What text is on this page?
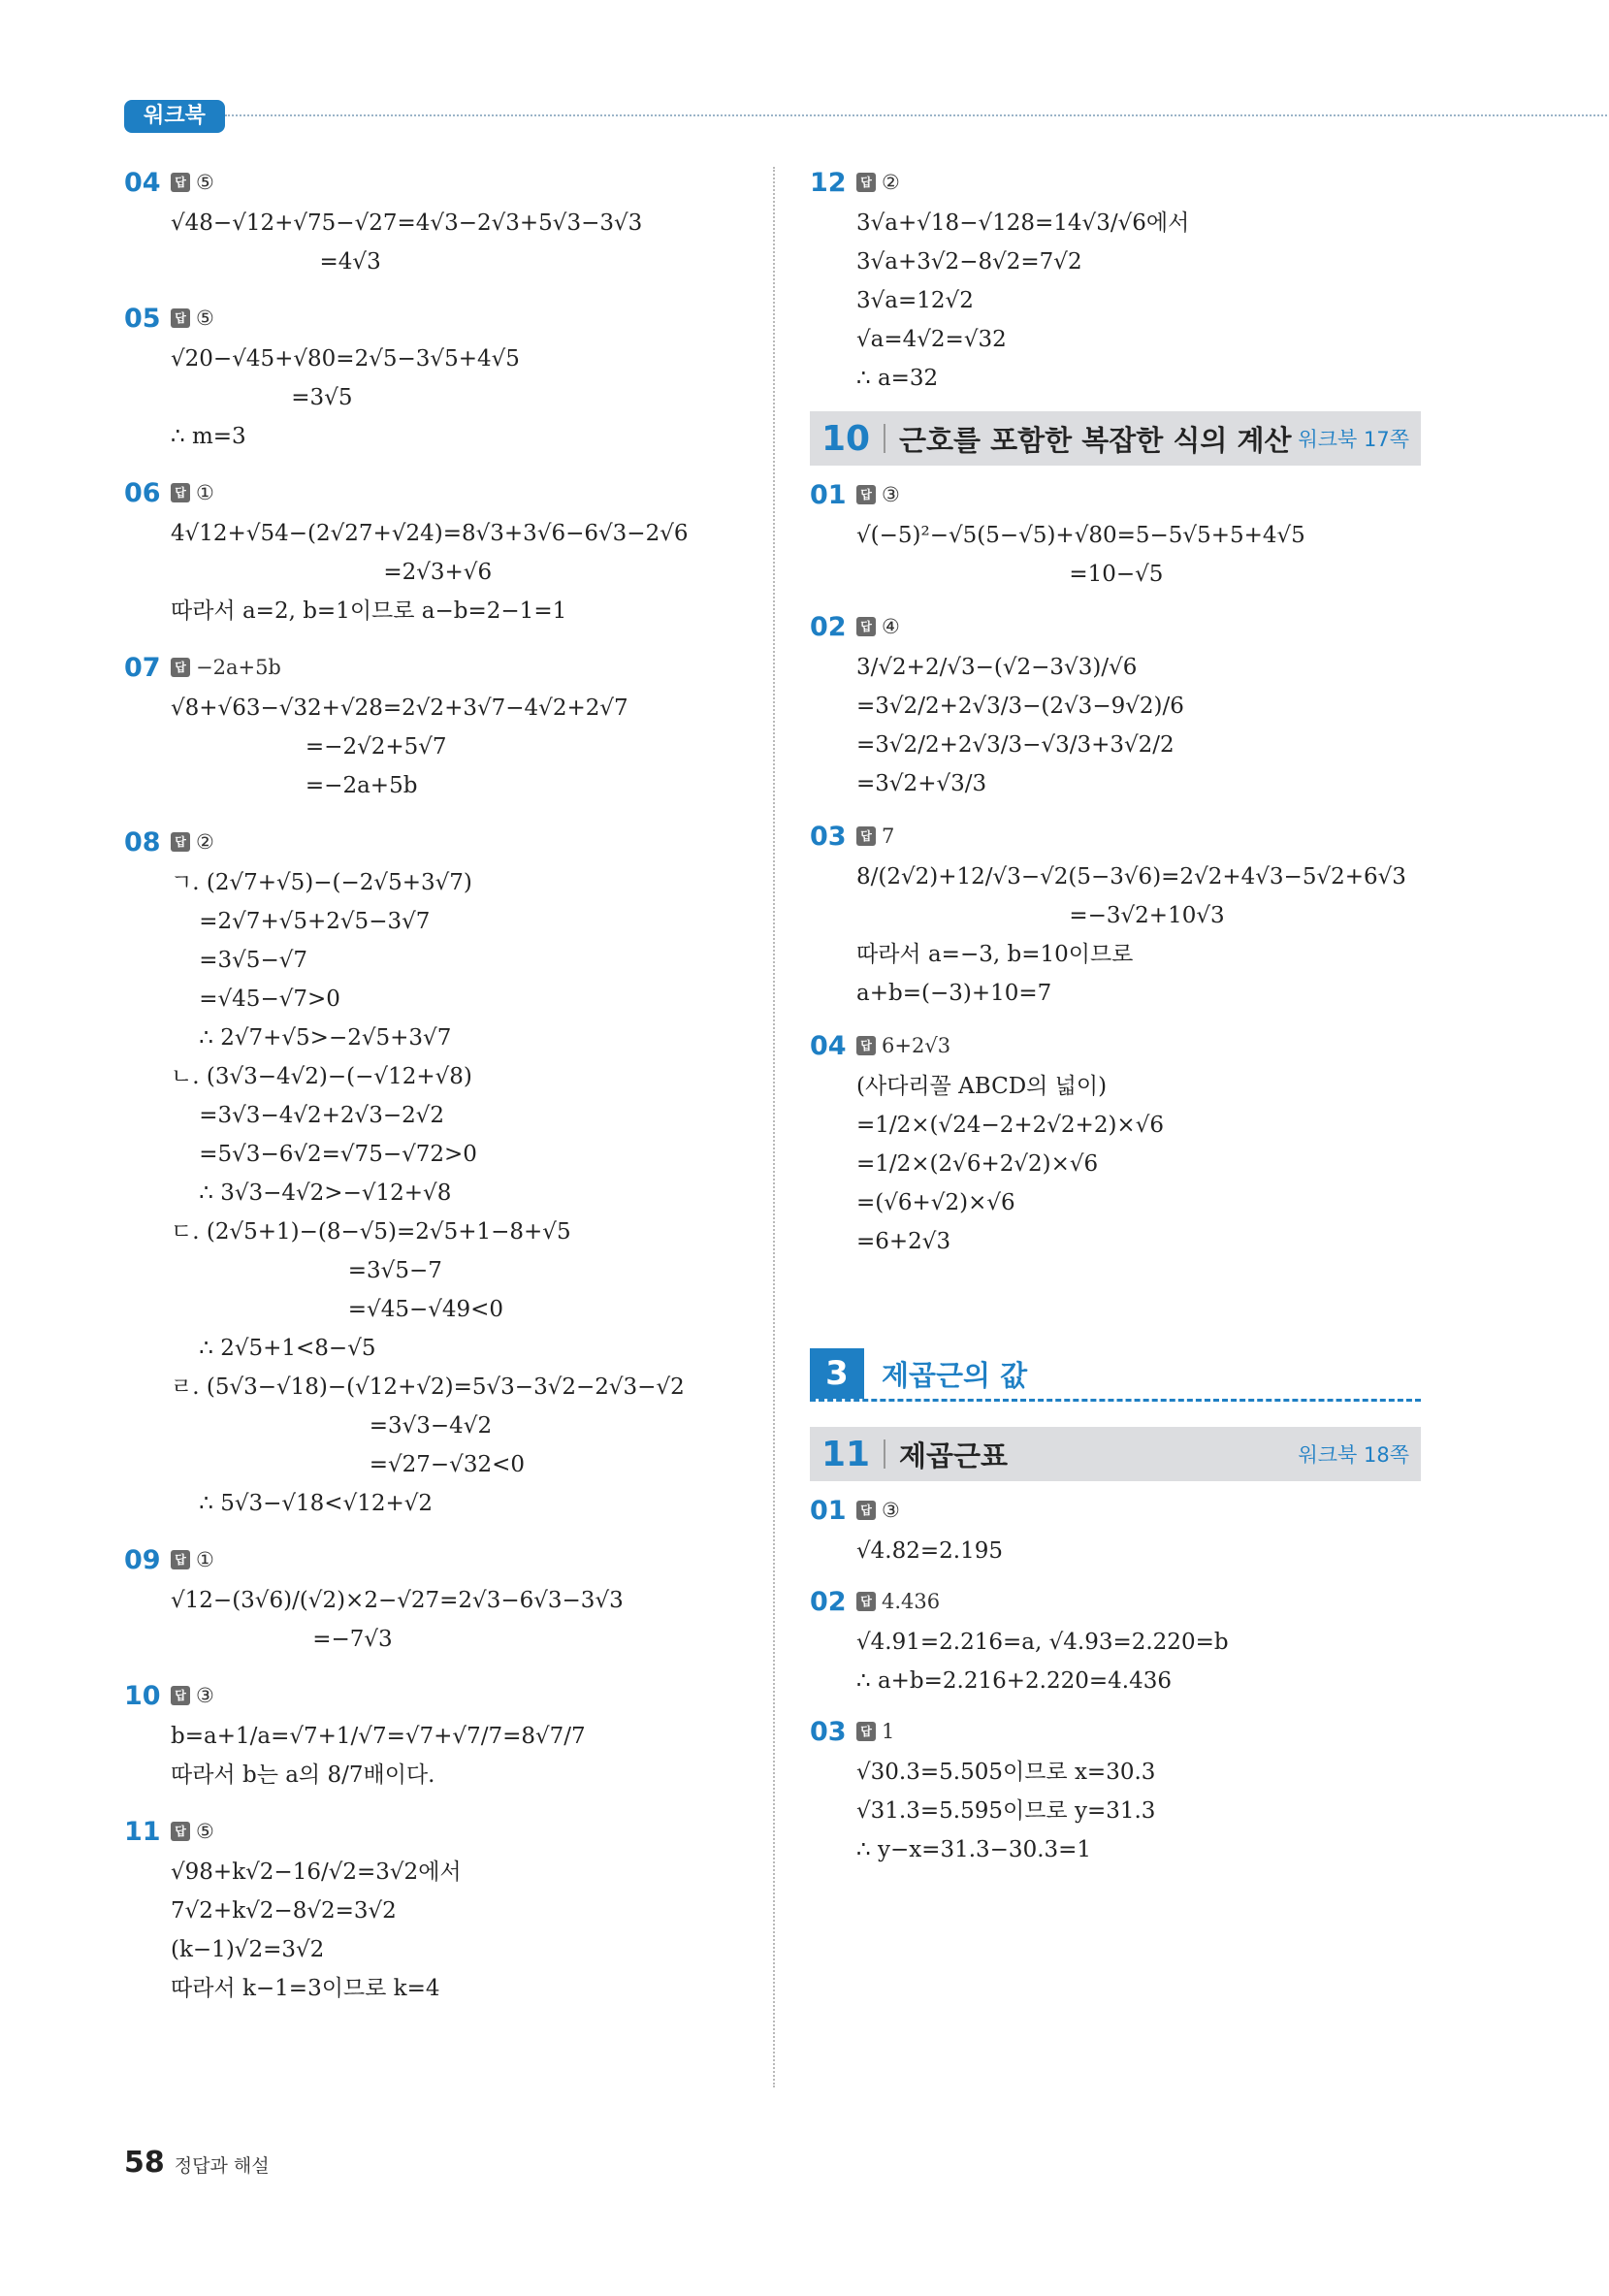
워크북
04	답 ⑤
√48−√12+√75−√27=4√3−2√3+5√3−3√3
=4√3
05	답 ⑤
√20−√45+√80=2√5−3√5+4√5
=3√5
∴ m=3
06	답 ①
4√12+√54−(2√27+√24)=8√3+3√6−6√3−2√6
=2√3+√6
따라서 a=2, b=1이므로 a−b=2−1=1
07	답 −2a+5b
√8+√63−√32+√28=2√2+3√7−4√2+2√7
=−2√2+5√7
=−2a+5b
08	답 ②
ㄱ. (2√7+√5)−(−2√5+3√7)
=2√7+√5+2√5−3√7
=3√5−√7
=√45−√7>0
∴ 2√7+√5>−2√5+3√7
ㄴ. (3√3−4√2)−(−√12+√8)
=3√3−4√2+2√3−2√2
=5√3−6√2=√75−√72>0
∴ 3√3−4√2>−√12+√8
ㄷ. (2√5+1)−(8−√5)=2√5+1−8+√5
=3√5−7
=√45−√49<0
∴ 2√5+1<8−√5
ㄹ. (5√3−√18)−(√12+√2)=5√3−3√2−2√3−√2
=3√3−4√2
=√27−√32<0
∴ 5√3−√18<√12+√2
09	답 ①
√12−(3√6)/(√2)×2−√27=2√3−6√3−3√3
=−7√3
10	답 ③
b=a+1/a=√7+1/√7=√7+√7/7=8√7/7
따라서 b는 a의 8/7배이다.
11	답 ⑤
√98+k√2−16/√2=3√2에서
7√2+k√2−8√2=3√2
(k−1)√2=3√2
따라서 k−1=3이므로 k=4
12	답 ②
3√a+√18−√128=14√3/√6에서
3√a+3√2−8√2=7√2
3√a=12√2
√a=4√2=√32
∴ a=32
10	근호를 포함한 복잡한 식의 계산 워크북 17쪽
01	답 ③
√(−5)²−√5(5−√5)+√80=5−5√5+5+4√5
=10−√5
02	답 ④
3/√2+2/√3−(√2−3√3)/√6
=3√2/2+2√3/3−(2√3−9√2)/6
=3√2/2+2√3/3−√3/3+3√2/2
=3√2+√3/3
03	답 7
8/(2√2)+12/√3−√2(5−3√6)=2√2+4√3−5√2+6√3
=−3√2+10√3
따라서 a=−3, b=10이므로
a+b=(−3)+10=7
04	답 6+2√3
(사다리꼴 ABCD의 넓이)
=1/2×(√24−2+2√2+2)×√6
=1/2×(2√6+2√2)×√6
=(√6+√2)×√6
=6+2√3
3	제곱근의 값
11	제곱근표	워크북 18쪽
01	답 ③
√4.82=2.195
02	답 4.436
√4.91=2.216=a, √4.93=2.220=b
∴ a+b=2.216+2.220=4.436
03	답 1
√30.3=5.505이므로 x=30.3
√31.3=5.595이므로 y=31.3
∴ y−x=31.3−30.3=1
58 정답과 해설
